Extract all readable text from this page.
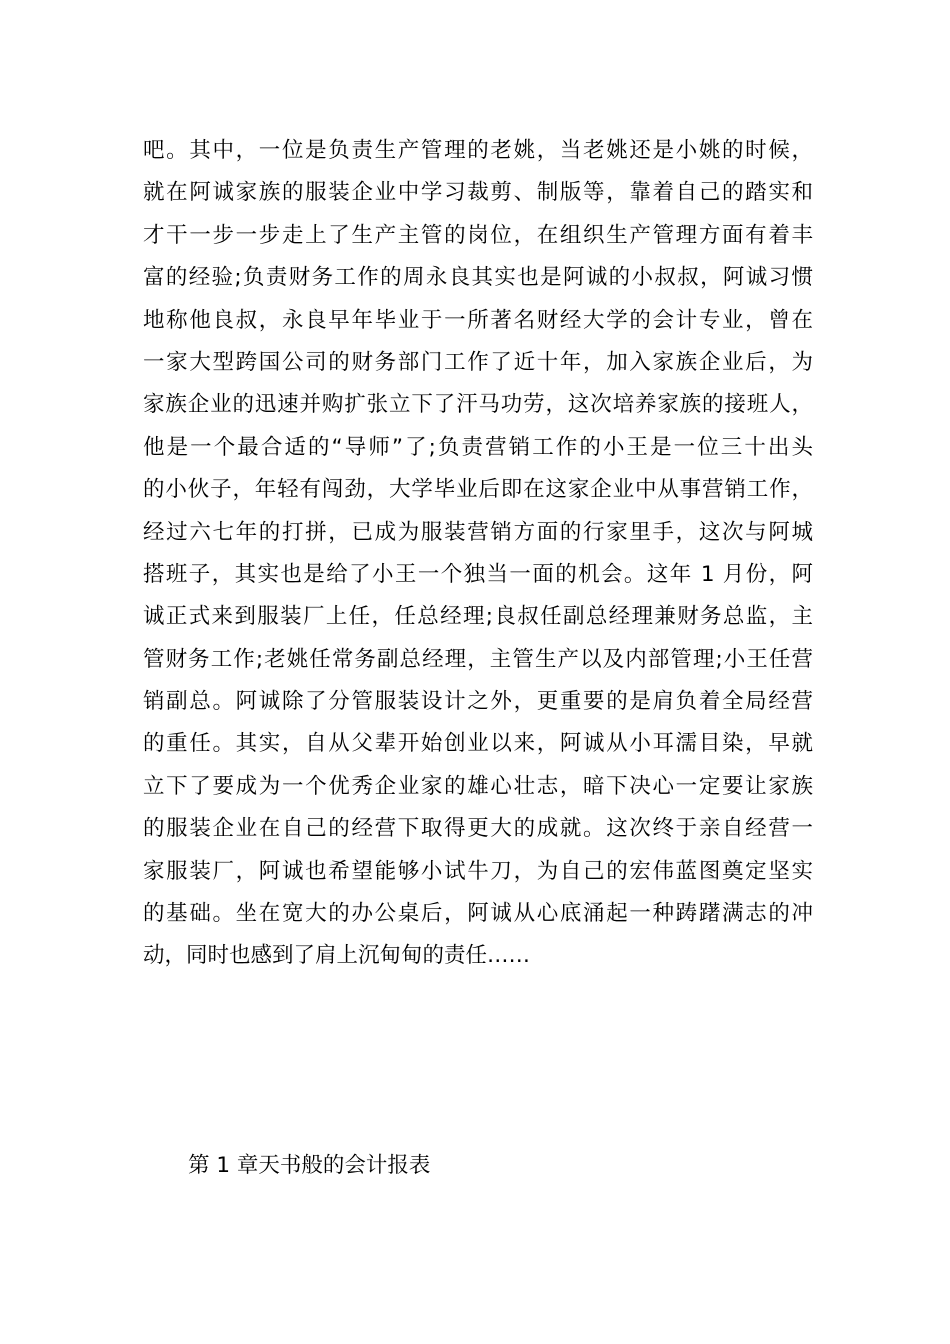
吧。其中，一位是负责生产管理的老姚，当老姚还是小姚的时候，
就在阿诚家族的服装企业中学习裁剪、制版等，靠着自己的踏实和
才干一步一步走上了生产主管的岗位，在组织生产管理方面有着丰
富的经验;负责财务工作的周永良其实也是阿诚的小叔叔，阿诚习惯
地称他良叔，永良早年毕业于一所著名财经大学的会计专业，曾在
一家大型跨国公司的财务部门工作了近十年，加入家族企业后，为
家族企业的迅速并购扩张立下了汗马功劳，这次培养家族的接班人，
他是一个最合适的“导师”了;负责营销工作的小王是一位三十出头
的小伙子，年轻有闯劲，大学毕业后即在这家企业中从事营销工作，
经过六七年的打拼，已成为服装营销方面的行家里手，这次与阿城
搭班子，其实也是给了小王一个独当一面的机会。这年 1 月份，阿
诚正式来到服装厂上任，任总经理;良叔任副总经理兼财务总监，主
管财务工作;老姚任常务副总经理，主管生产以及内部管理;小王任营
销副总。阿诚除了分管服装设计之外，更重要的是肩负着全局经营
的重任。其实，自从父辈开始创业以来，阿诚从小耳濡目染，早就
立下了要成为一个优秀企业家的雄心壮志，暗下决心一定要让家族
的服装企业在自己的经营下取得更大的成就。这次终于亲自经营一
家服装厂，阿诚也希望能够小试牛刀，为自己的宏伟蓝图奠定坚实
的基础。坐在宽大的办公桌后，阿诚从心底涌起一种踌躇满志的冲
动，同时也感到了肩上沉甸甸的责任……
第 1 章天书般的会计报表
